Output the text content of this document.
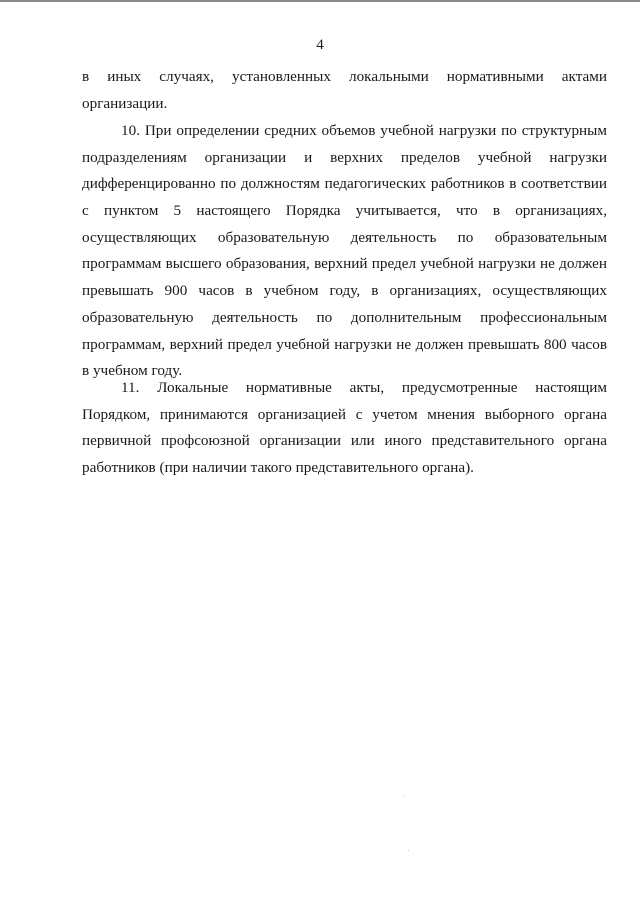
4
в иных случаях, установленных локальными нормативными актами
организации.
10. При определении средних объемов учебной нагрузки по структурным
подразделениям организации и верхних пределов учебной нагрузки
дифференцированно по должностям педагогических работников в соответствии
с пунктом 5 настоящего Порядка учитывается, что в организациях,
осуществляющих образовательную деятельность по образовательным
программам высшего образования, верхний предел учебной нагрузки не должен
превышать 900 часов в учебном году, в организациях, осуществляющих
образовательную деятельность по дополнительным профессиональным
программам, верхний предел учебной нагрузки не должен превышать 800 часов
в учебном году.
11. Локальные нормативные акты, предусмотренные настоящим
Порядком, принимаются организацией с учетом мнения выборного органа
первичной профсоюзной организации или иного представительного органа
работников (при наличии такого представительного органа).
